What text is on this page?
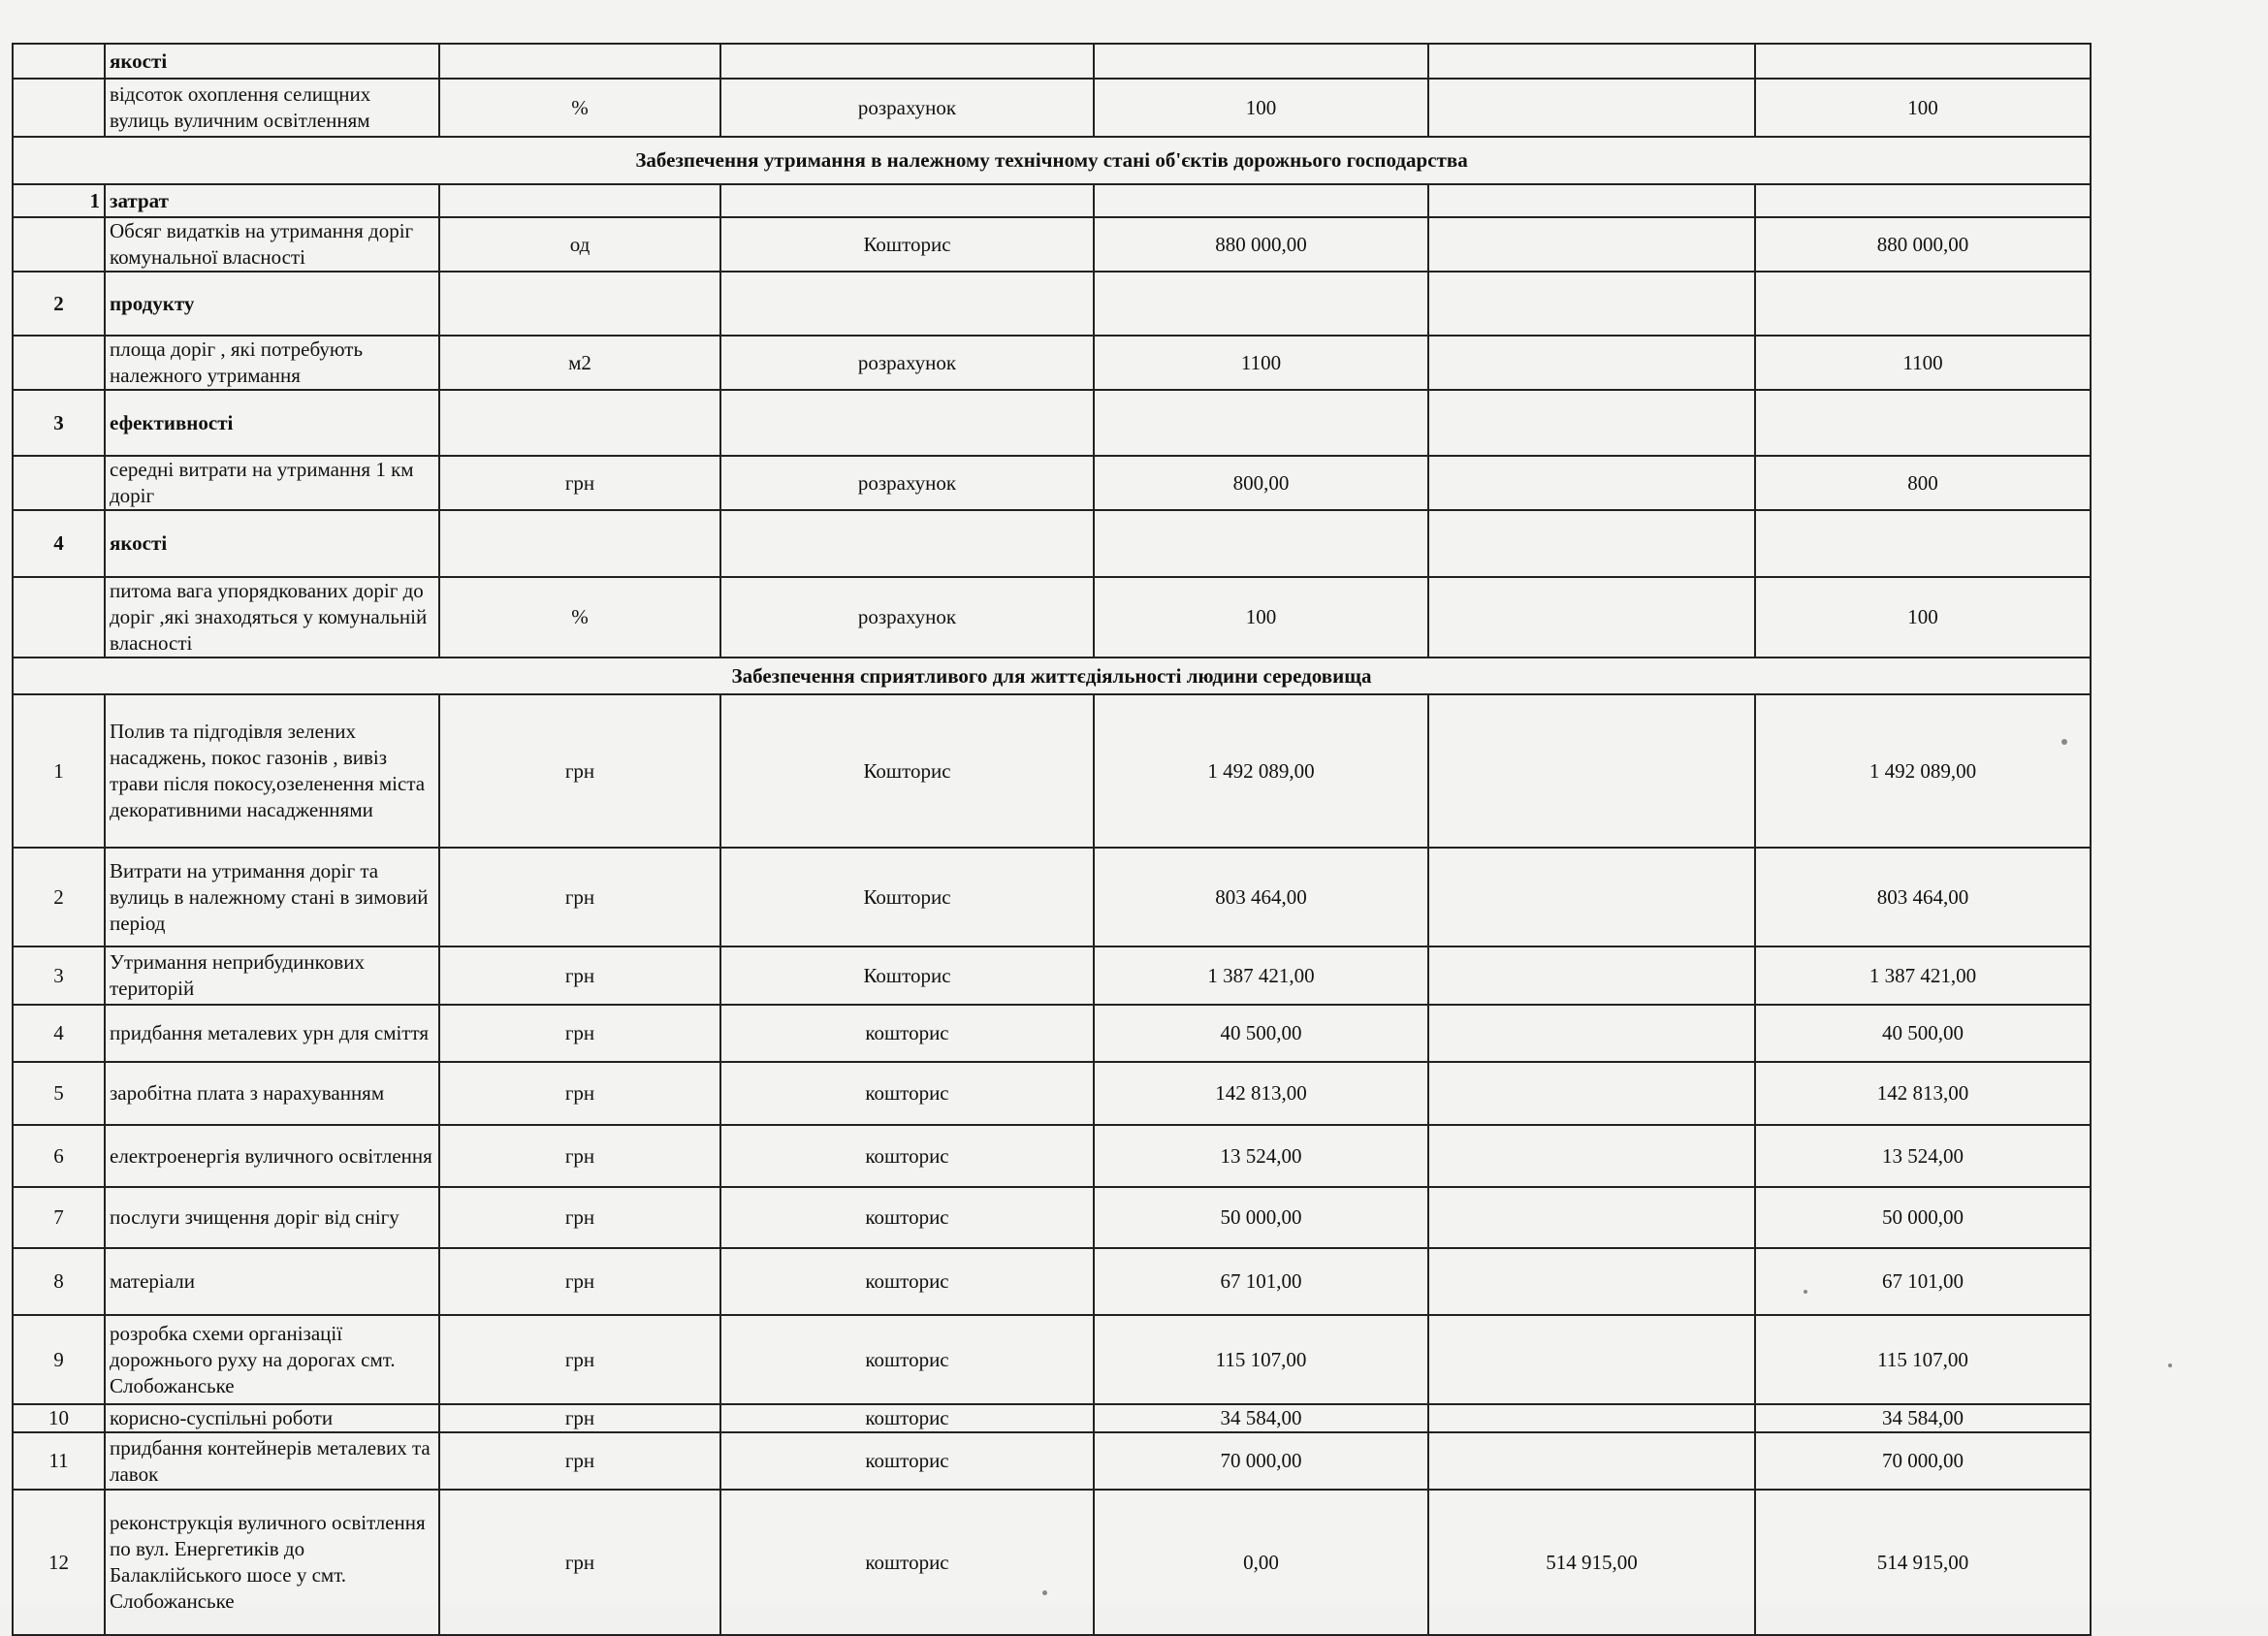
	якості					
	відсоток охоплення селищних вулиць вуличним освітленням	%	розрахунок	100		100
Забезпечення утримання в належному технічному стані об'єктів дорожнього господарства						
1	затрат					
	Обсяг видатків на утримання доріг комунальної власності	од	Кошторис	880 000,00		880 000,00
2	продукту					
	площа доріг , які потребують належного утримання	м2	розрахунок	1100		1100
3	ефективності					
	середні витрати на утримання 1 км доріг	грн	розрахунок	800,00		800
4	якості					
	питома вага упорядкованих доріг до доріг ,які знаходяться у комунальній власності	%	розрахунок	100		100
Забезпечення сприятливого для життєдіяльності людини середовища						
1	Полив та підгодівля зелених насаджень, покос газонів , вивіз трави після покосу,озеленення міста декоративними насадженнями	грн	Кошторис	1 492 089,00		1 492 089,00
2	Витрати на утримання доріг та вулиць в належному стані в зимовий період	грн	Кошторис	803 464,00		803 464,00
3	Утримання неприбудинкових територій	грн	Кошторис	1 387 421,00		1 387 421,00
4	придбання металевих урн для сміття	грн	кошторис	40 500,00		40 500,00
5	заробітна плата з нарахуванням	грн	кошторис	142 813,00		142 813,00
6	електроенергія вуличного освітлення	грн	кошторис	13 524,00		13 524,00
7	послуги зчищення доріг від снігу	грн	кошторис	50 000,00		50 000,00
8	матеріали	грн	кошторис	67 101,00		67 101,00
9	розробка схеми організації дорожнього руху на дорогах смт. Слобожанське	грн	кошторис	115 107,00		115 107,00
10	корисно-суспільні роботи	грн	кошторис	34 584,00		34 584,00
11	придбання контейнерів металевих та лавок	грн	кошторис	70 000,00		70 000,00
12	реконструкція вуличного освітлення по вул. Енергетиків до Балаклійського шосе у смт. Слобожанське	грн	кошторис	0,00	514 915,00	514 915,00
